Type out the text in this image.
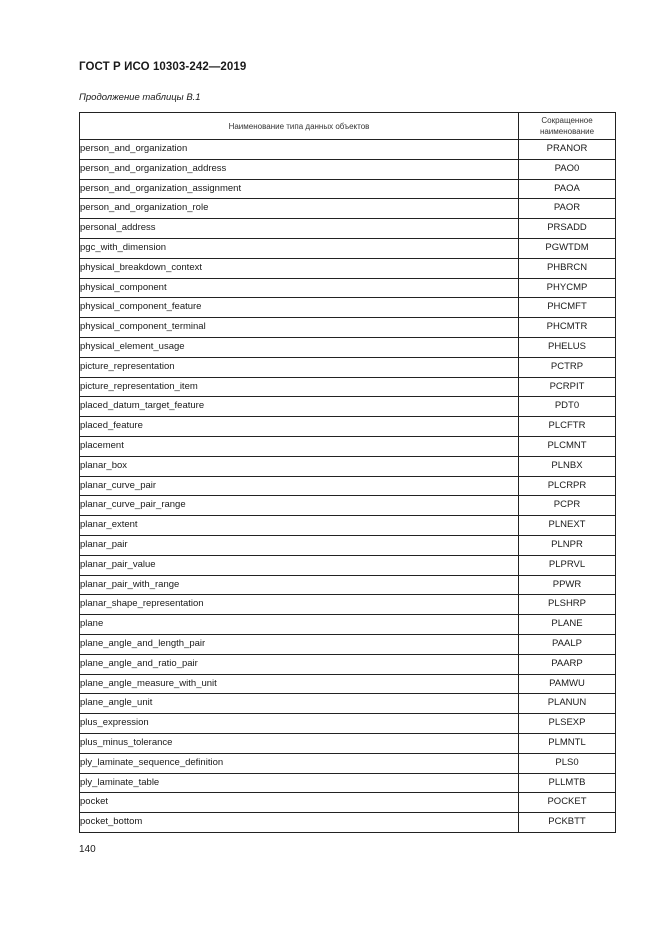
ГОСТ Р ИСО 10303-242—2019
Продолжение таблицы В.1
Наименование типа данных объектов	Сокращенное наименование
person_and_organization	PRANOR
person_and_organization_address	PAO0
person_and_organization_assignment	PAOA
person_and_organization_role	PAOR
personal_address	PRSADD
pgc_with_dimension	PGWTDM
physical_breakdown_context	PHBRCN
physical_component	PHYCMP
physical_component_feature	PHCMFT
physical_component_terminal	PHCMTR
physical_element_usage	PHELUS
picture_representation	PCTRP
picture_representation_item	PCRPIT
placed_datum_target_feature	PDT0
placed_feature	PLCFTR
placement	PLCMNT
planar_box	PLNBX
planar_curve_pair	PLCRPR
planar_curve_pair_range	PCPR
planar_extent	PLNEXT
planar_pair	PLNPR
planar_pair_value	PLPRVL
planar_pair_with_range	PPWR
planar_shape_representation	PLSHRP
plane	PLANE
plane_angle_and_length_pair	PAALP
plane_angle_and_ratio_pair	PAARP
plane_angle_measure_with_unit	PAMWU
plane_angle_unit	PLANUN
plus_expression	PLSEXP
plus_minus_tolerance	PLMNTL
ply_laminate_sequence_definition	PLS0
ply_laminate_table	PLLMTB
pocket	POCKET
pocket_bottom	PCKBTT
140
